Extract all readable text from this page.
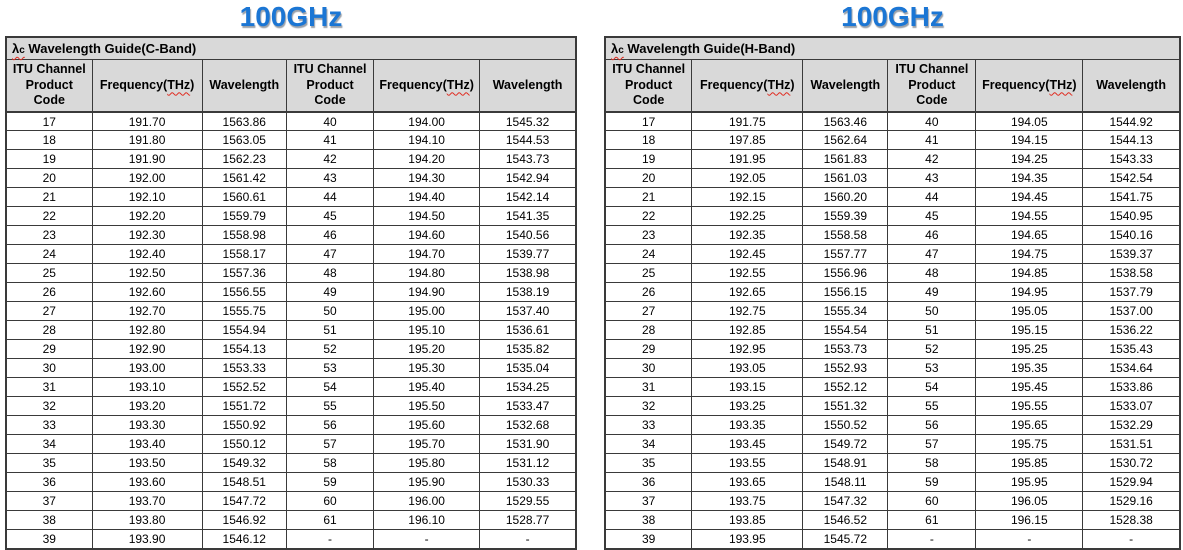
100GHz
λc Wavelength Guide(C-Band)					
ITU Channel Product Code	Frequency(THz)	Wavelength	ITU Channel Product Code	Frequency(THz)	Wavelength
17	191.70	1563.86	40	194.00	1545.32
18	191.80	1563.05	41	194.10	1544.53
19	191.90	1562.23	42	194.20	1543.73
20	192.00	1561.42	43	194.30	1542.94
21	192.10	1560.61	44	194.40	1542.14
22	192.20	1559.79	45	194.50	1541.35
23	192.30	1558.98	46	194.60	1540.56
24	192.40	1558.17	47	194.70	1539.77
25	192.50	1557.36	48	194.80	1538.98
26	192.60	1556.55	49	194.90	1538.19
27	192.70	1555.75	50	195.00	1537.40
28	192.80	1554.94	51	195.10	1536.61
29	192.90	1554.13	52	195.20	1535.82
30	193.00	1553.33	53	195.30	1535.04
31	193.10	1552.52	54	195.40	1534.25
32	193.20	1551.72	55	195.50	1533.47
33	193.30	1550.92	56	195.60	1532.68
34	193.40	1550.12	57	195.70	1531.90
35	193.50	1549.32	58	195.80	1531.12
36	193.60	1548.51	59	195.90	1530.33
37	193.70	1547.72	60	196.00	1529.55
38	193.80	1546.92	61	196.10	1528.77
39	193.90	1546.12	-	-	-
100GHz
λc Wavelength Guide(H-Band)					
ITU Channel Product Code	Frequency(THz)	Wavelength	ITU Channel Product Code	Frequency(THz)	Wavelength
17	191.75	1563.46	40	194.05	1544.92
18	197.85	1562.64	41	194.15	1544.13
19	191.95	1561.83	42	194.25	1543.33
20	192.05	1561.03	43	194.35	1542.54
21	192.15	1560.20	44	194.45	1541.75
22	192.25	1559.39	45	194.55	1540.95
23	192.35	1558.58	46	194.65	1540.16
24	192.45	1557.77	47	194.75	1539.37
25	192.55	1556.96	48	194.85	1538.58
26	192.65	1556.15	49	194.95	1537.79
27	192.75	1555.34	50	195.05	1537.00
28	192.85	1554.54	51	195.15	1536.22
29	192.95	1553.73	52	195.25	1535.43
30	193.05	1552.93	53	195.35	1534.64
31	193.15	1552.12	54	195.45	1533.86
32	193.25	1551.32	55	195.55	1533.07
33	193.35	1550.52	56	195.65	1532.29
34	193.45	1549.72	57	195.75	1531.51
35	193.55	1548.91	58	195.85	1530.72
36	193.65	1548.11	59	195.95	1529.94
37	193.75	1547.32	60	196.05	1529.16
38	193.85	1546.52	61	196.15	1528.38
39	193.95	1545.72	-	-	-
